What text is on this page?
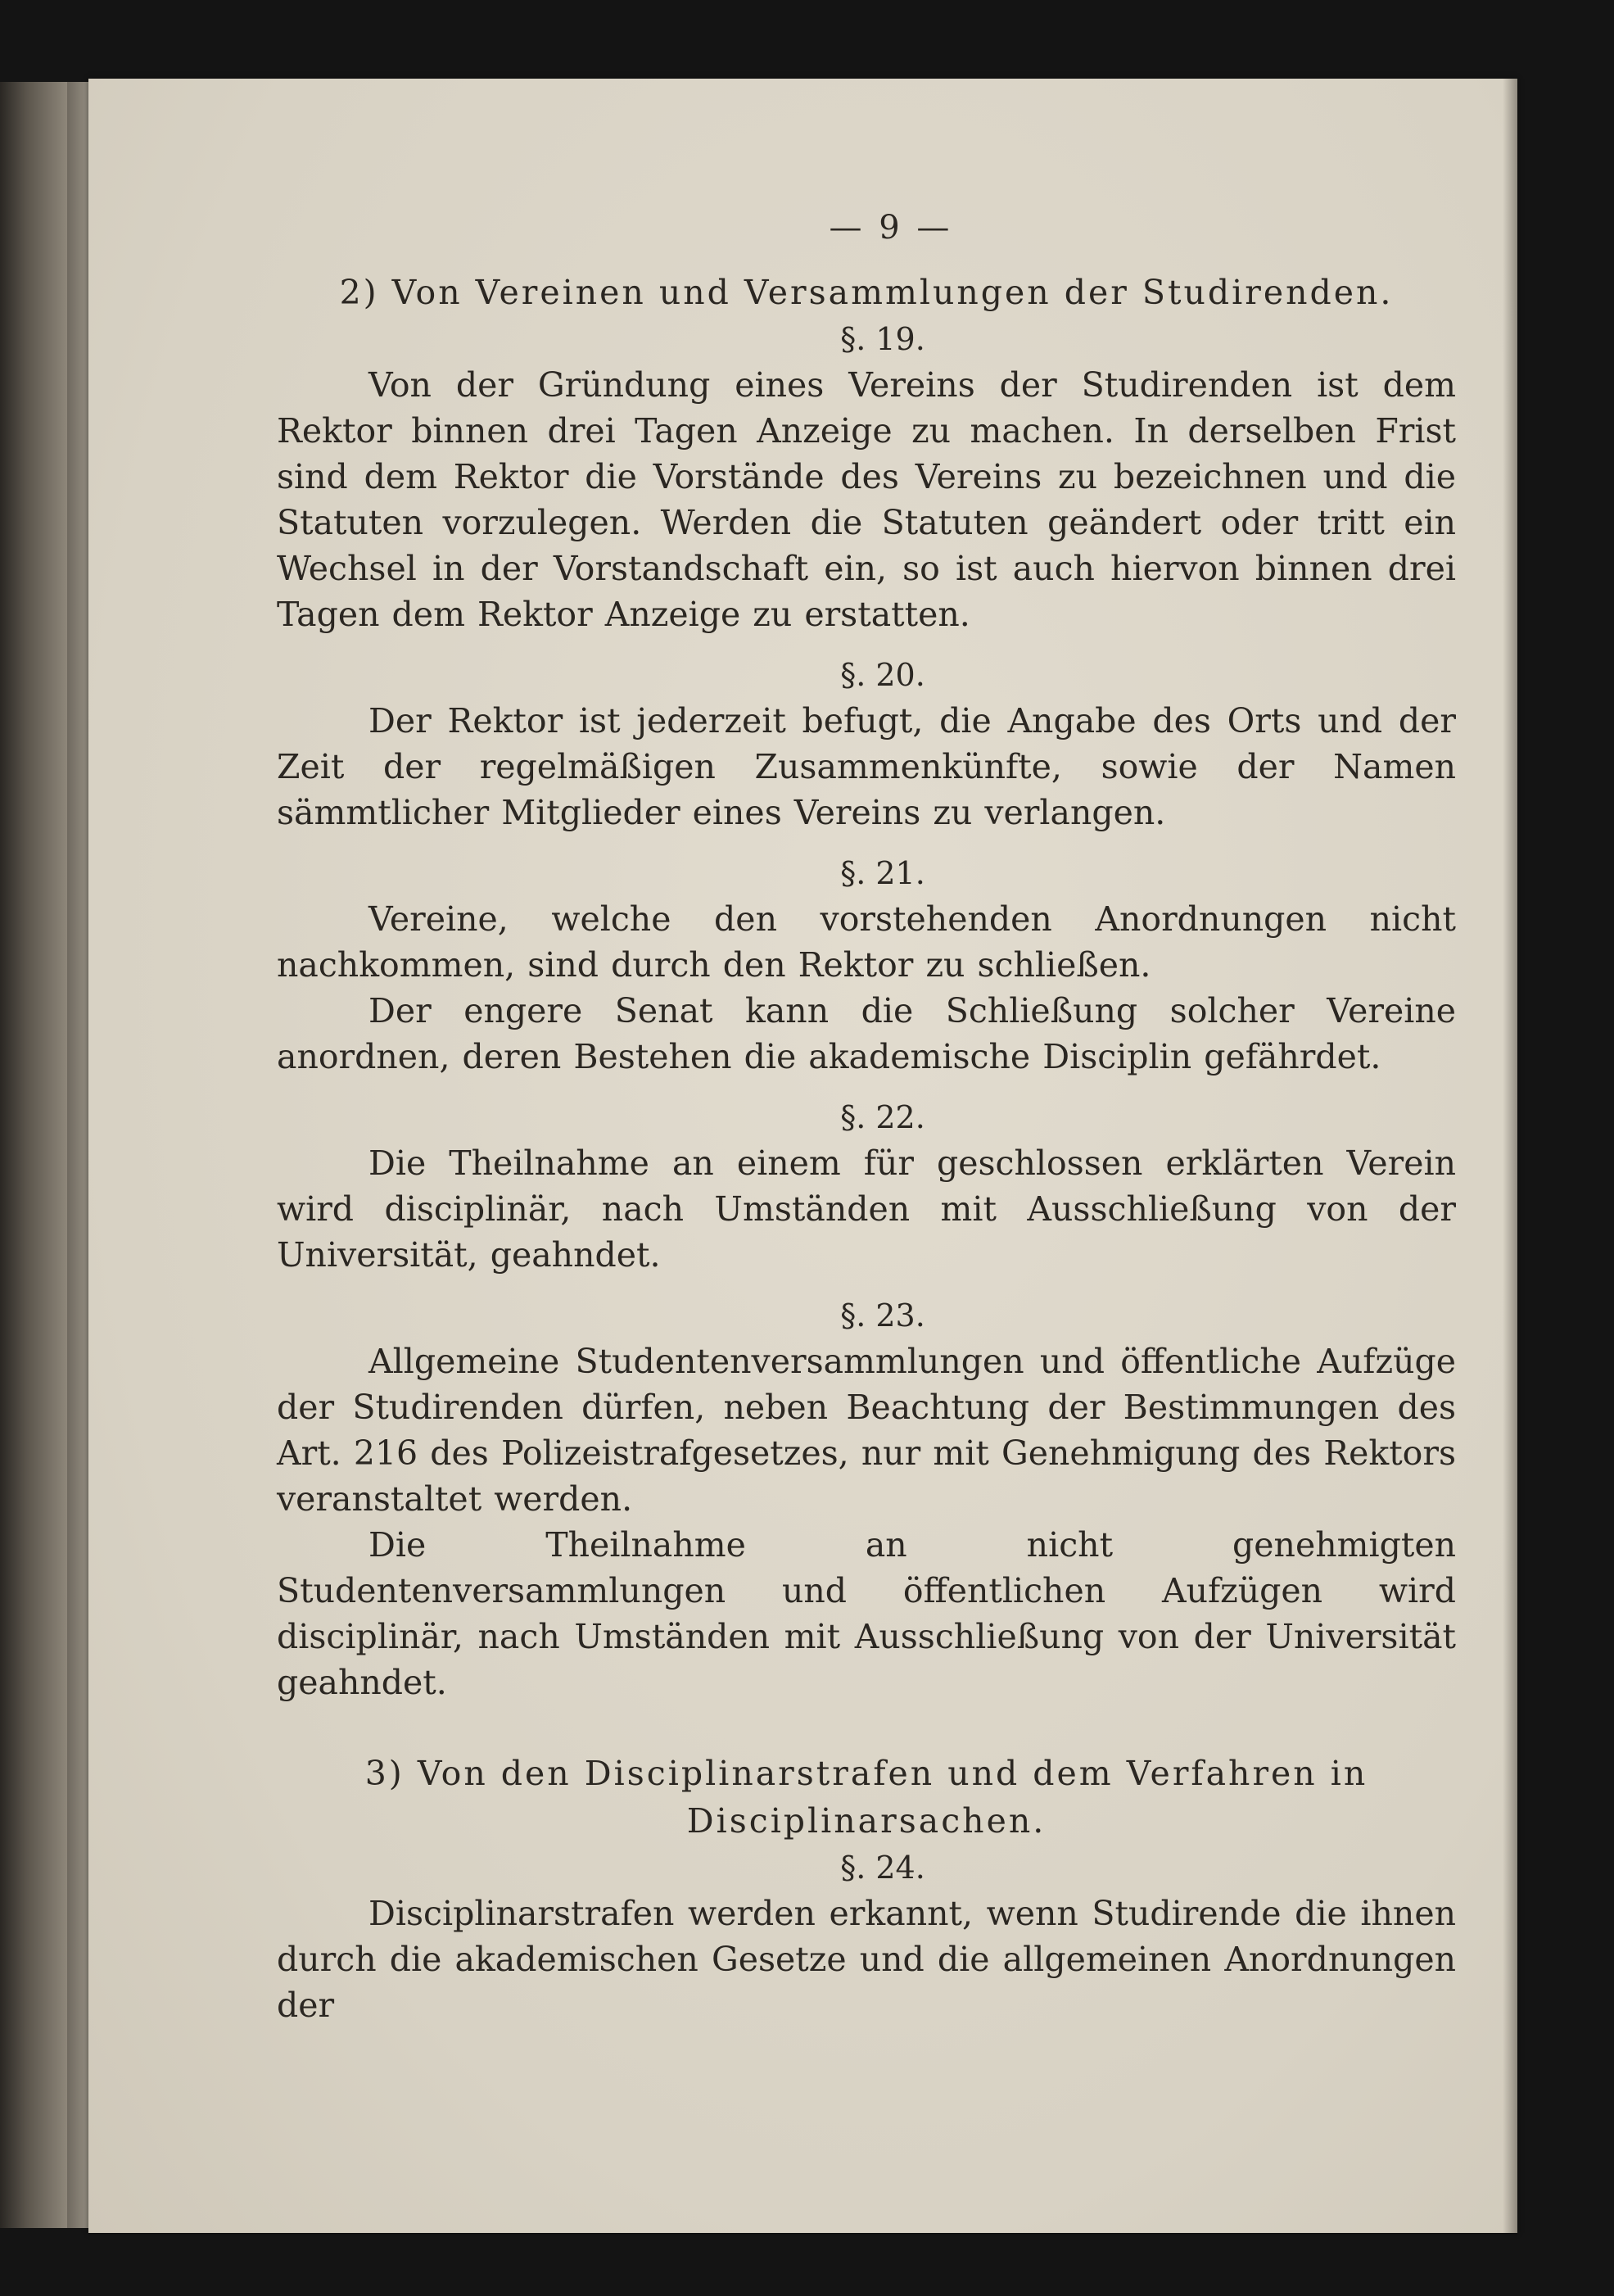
— 9 —
2) Von Vereinen und Versammlungen der Studirenden.
§. 19.

Von der Gründung eines Vereins der Studirenden ist dem Rektor binnen drei Tagen Anzeige zu machen. In derselben Frist sind dem Rektor die Vorstände des Vereins zu bezeichnen und die Statuten vorzulegen. Werden die Statuten geändert oder tritt ein Wechsel in der Vorstandschaft ein, so ist auch hiervon binnen drei Tagen dem Rektor Anzeige zu erstatten.

§. 20.

Der Rektor ist jederzeit befugt, die Angabe des Orts und der Zeit der regelmäßigen Zusammenkünfte, sowie der Namen sämmtlicher Mitglieder eines Vereins zu verlangen.

§. 21.

Vereine, welche den vorstehenden Anordnungen nicht nachkommen, sind durch den Rektor zu schließen.

Der engere Senat kann die Schließung solcher Vereine anordnen, deren Bestehen die akademische Disciplin gefährdet.

§. 22.

Die Theilnahme an einem für geschlossen erklärten Verein wird disciplinär, nach Umständen mit Ausschließung von der Universität, geahndet.

§. 23.

Allgemeine Studentenversammlungen und öffentliche Aufzüge der Studirenden dürfen, neben Beachtung der Bestimmungen des Art. 216 des Polizeistrafgesetzes, nur mit Genehmigung des Rektors veranstaltet werden.

Die Theilnahme an nicht genehmigten Studentenversammlungen und öffentlichen Aufzügen wird disciplinär, nach Umständen mit Ausschließung von der Universität geahndet.

3) Von den Disciplinarstrafen und dem Verfahren in
Disciplinarsachen.
§. 24.

Disciplinarstrafen werden erkannt, wenn Studirende die ihnen durch die akademischen Gesetze und die allgemeinen Anordnungen der
